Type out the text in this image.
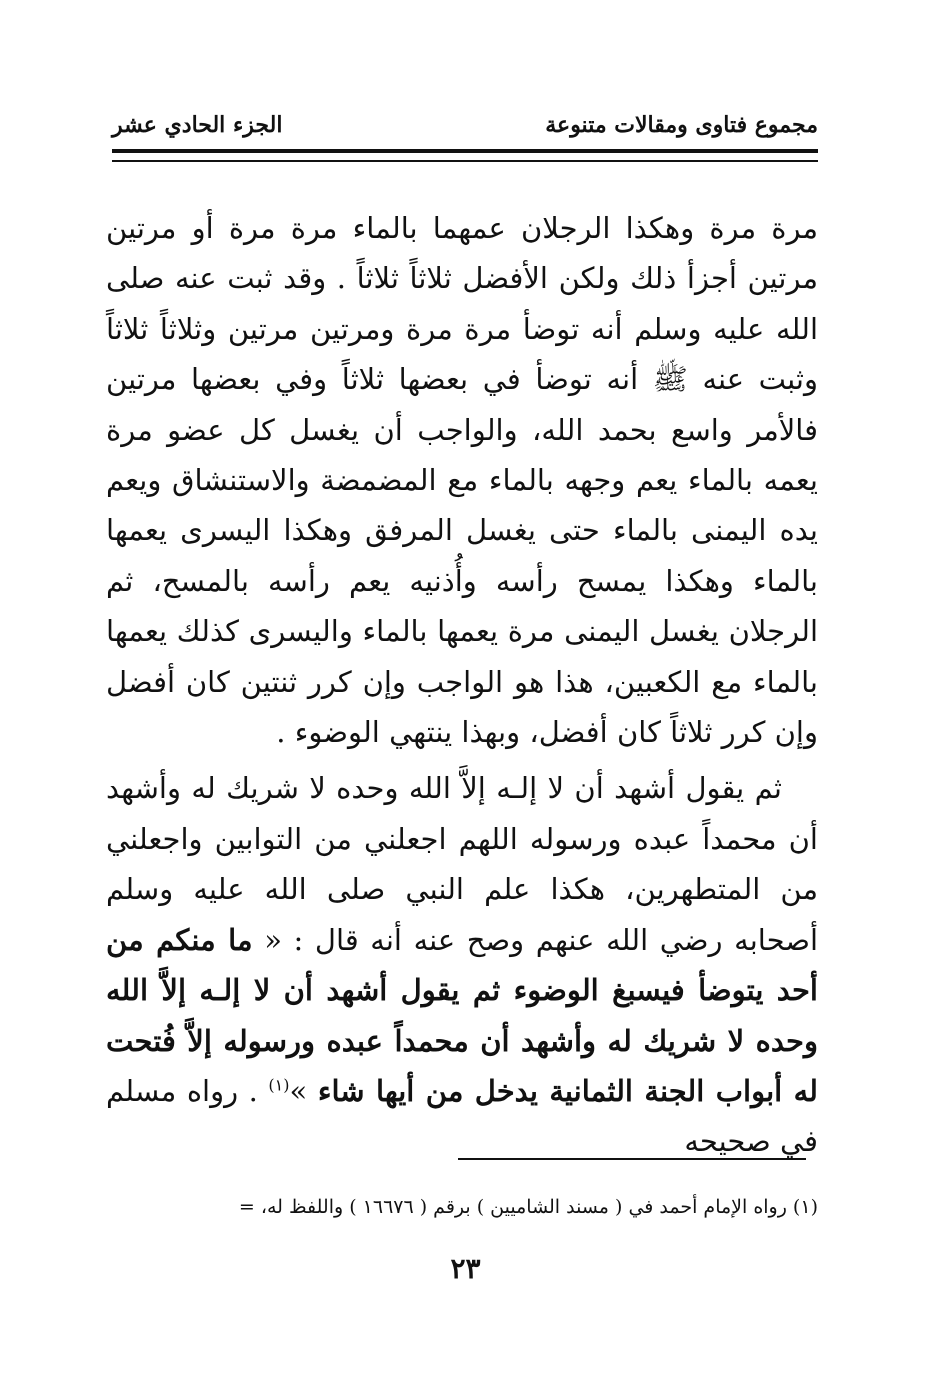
مجموع فتاوى ومقالات متنوعة
الجزء الحادي عشر

مرة مرة وهكذا الرجلان عمهما بالماء مرة مرة أو مرتين مرتين أجزأ ذلك ولكن الأفضل ثلاثاً ثلاثاً . وقد ثبت عنه صلى الله عليه وسلم أنه توضأ مرة مرة ومرتين مرتين وثلاثاً ثلاثاً وثبت عنه ﷺ أنه توضأ في بعضها ثلاثاً وفي بعضها مرتين فالأمر واسع بحمد الله، والواجب أن يغسل كل عضو مرة يعمه بالماء يعم وجهه بالماء مع المضمضة والاستنشاق ويعم يده اليمنى بالماء حتى يغسل المرفق وهكذا اليسرى يعمها بالماء وهكذا يمسح رأسه وأُذنيه يعم رأسه بالمسح، ثم الرجلان يغسل اليمنى مرة يعمها بالماء واليسرى كذلك يعمها بالماء مع الكعبين، هذا هو الواجب وإن كرر ثنتين كان أفضل وإن كرر ثلاثاً كان أفضل، وبهذا ينتهي الوضوء .

ثم يقول أشهد أن لا إلـه إلاَّ الله وحده لا شريك له وأشهد أن محمداً عبده ورسوله اللهم اجعلني من التوابين واجعلني من المتطهرين، هكذا علم النبي صلى الله عليه وسلم أصحابه رضي الله عنهم وصح عنه أنه قال : « ما منكم من أحد يتوضأ فيسبغ الوضوء ثم يقول أشهد أن لا إلـه إلاَّ الله وحده لا شريك له وأشهد أن محمداً عبده ورسوله إلاَّ فُتحت له أبواب الجنة الثمانية يدخل من أيها شاء »$^{(١)}$ . رواه مسلم في صحيحه

(١) رواه الإمام أحمد في ( مسند الشاميين ) برقم ( ١٦٦٧٦ ) واللفظ له، =
٢٣
